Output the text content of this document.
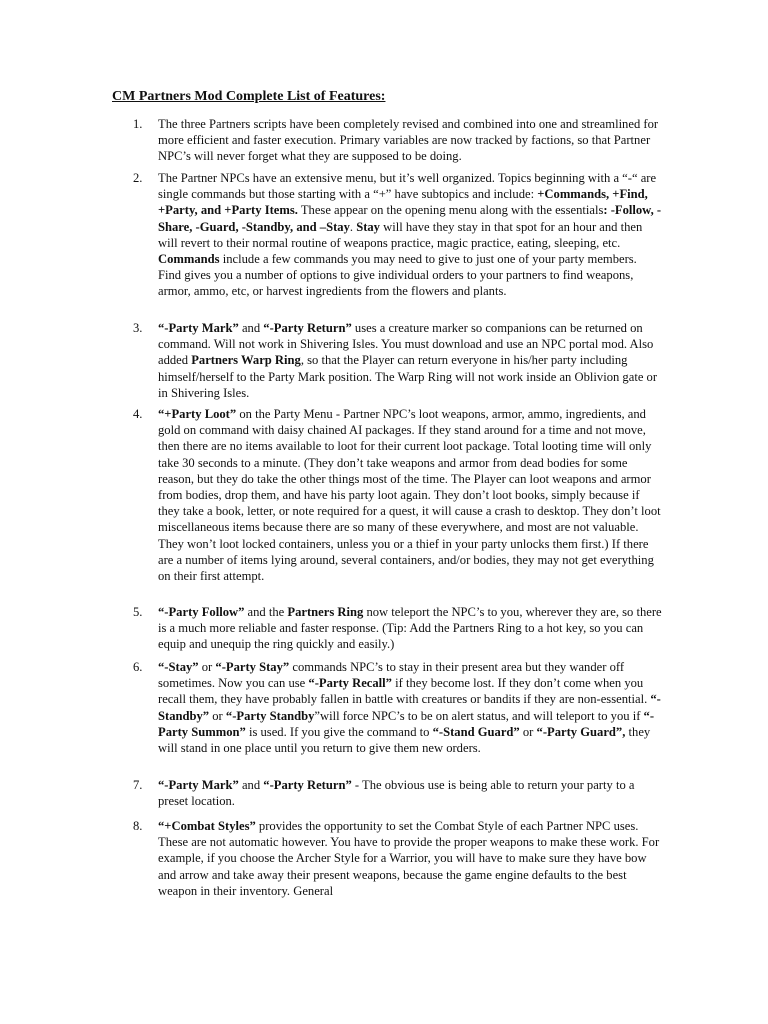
CM Partners Mod Complete List of Features:
1. The three Partners scripts have been completely revised and combined into one and streamlined for more efficient and faster execution. Primary variables are now tracked by factions, so that Partner NPC’s will never forget what they are supposed to be doing.
2. The Partner NPCs have an extensive menu, but it’s well organized. Topics beginning with a “-“ are single commands but those starting with a “+” have subtopics and include: +Commands, +Find, +Party, and +Party Items. These appear on the opening menu along with the essentials: -Follow, -Share, -Guard, -Standby, and –Stay. Stay will have they stay in that spot for an hour and then will revert to their normal routine of weapons practice, magic practice, eating, sleeping, etc. Commands include a few commands you may need to give to just one of your party members. Find gives you a number of options to give individual orders to your partners to find weapons, armor, ammo, etc, or harvest ingredients from the flowers and plants.
3. “-Party Mark” and “-Party Return” uses a creature marker so companions can be returned on command. Will not work in Shivering Isles. You must download and use an NPC portal mod. Also added Partners Warp Ring, so that the Player can return everyone in his/her party including himself/herself to the Party Mark position. The Warp Ring will not work inside an Oblivion gate or in Shivering Isles.
4. “+Party Loot” on the Party Menu - Partner NPC’s loot weapons, armor, ammo, ingredients, and gold on command with daisy chained AI packages. If they stand around for a time and not move, then there are no items available to loot for their current loot package. Total looting time will only take 30 seconds to a minute. (They don’t take weapons and armor from dead bodies for some reason, but they do take the other things most of the time. The Player can loot weapons and armor from bodies, drop them, and have his party loot again. They don’t loot books, simply because if they take a book, letter, or note required for a quest, it will cause a crash to desktop. They don’t loot miscellaneous items because there are so many of these everywhere, and most are not valuable. They won’t loot locked containers, unless you or a thief in your party unlocks them first.) If there are a number of items lying around, several containers, and/or bodies, they may not get everything on their first attempt.
5. “-Party Follow” and the Partners Ring now teleport the NPC’s to you, wherever they are, so there is a much more reliable and faster response. (Tip: Add the Partners Ring to a hot key, so you can equip and unequip the ring quickly and easily.)
6. “-Stay” or “-Party Stay” commands NPC’s to stay in their present area but they wander off sometimes. Now you can use “-Party Recall” if they become lost. If they don’t come when you recall them, they have probably fallen in battle with creatures or bandits if they are non-essential. “-Standby” or “-Party Standby”will force NPC’s to be on alert status, and will teleport to you if “-Party Summon” is used. If you give the command to “-Stand Guard” or “-Party Guard”, they will stand in one place until you return to give them new orders.
7. “-Party Mark” and “-Party Return” - The obvious use is being able to return your party to a preset location.
8. “+Combat Styles” provides the opportunity to set the Combat Style of each Partner NPC uses. These are not automatic however. You have to provide the proper weapons to make these work. For example, if you choose the Archer Style for a Warrior, you will have to make sure they have bow and arrow and take away their present weapons, because the game engine defaults to the best weapon in their inventory. General
